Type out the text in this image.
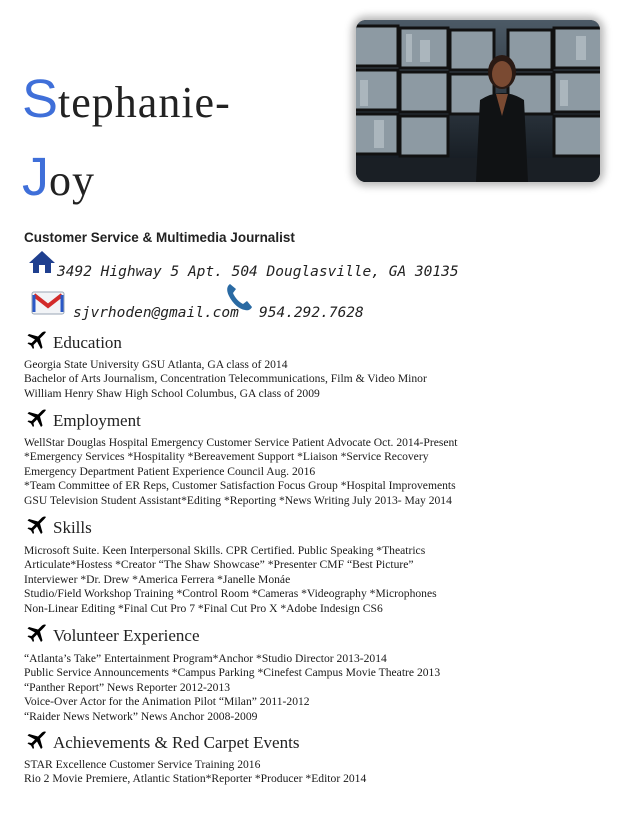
Stephanie-
Joy
Customer Service & Multimedia Journalist
3492 Highway 5 Apt. 504 Douglasville, GA 30135
sjvrhoden@gmail.com 954.292.7628
Education
Georgia State University GSU Atlanta, GA class of 2014
Bachelor of Arts Journalism, Concentration Telecommunications, Film & Video Minor
William Henry Shaw High School Columbus, GA class of 2009
Employment
WellStar Douglas Hospital Emergency Customer Service Patient Advocate Oct. 2014-Present
*Emergency Services *Hospitality *Bereavement Support *Liaison *Service Recovery
Emergency Department Patient Experience Council Aug. 2016
*Team Committee of ER Reps, Customer Satisfaction Focus Group *Hospital Improvements
GSU Television Student Assistant*Editing *Reporting *News Writing July 2013- May 2014
Skills
Microsoft Suite. Keen Interpersonal Skills. CPR Certified. Public Speaking *Theatrics
Articulate*Hostess *Creator “The Shaw Showcase” *Presenter CMF “Best Picture”
Interviewer *Dr. Drew *America Ferrera *Janelle Monáe
Studio/Field Workshop Training *Control Room *Cameras *Videography *Microphones
Non-Linear Editing *Final Cut Pro 7 *Final Cut Pro X *Adobe Indesign CS6
Volunteer Experience
“Atlanta’s Take” Entertainment Program*Anchor *Studio Director 2013-2014
Public Service Announcements *Campus Parking *Cinefest Campus Movie Theatre 2013
“Panther Report” News Reporter 2012-2013
Voice-Over Actor for the Animation Pilot “Milan” 2011-2012
“Raider News Network” News Anchor 2008-2009
Achievements & Red Carpet Events
STAR Excellence Customer Service Training 2016
Rio 2 Movie Premiere, Atlantic Station*Reporter *Producer *Editor 2014
